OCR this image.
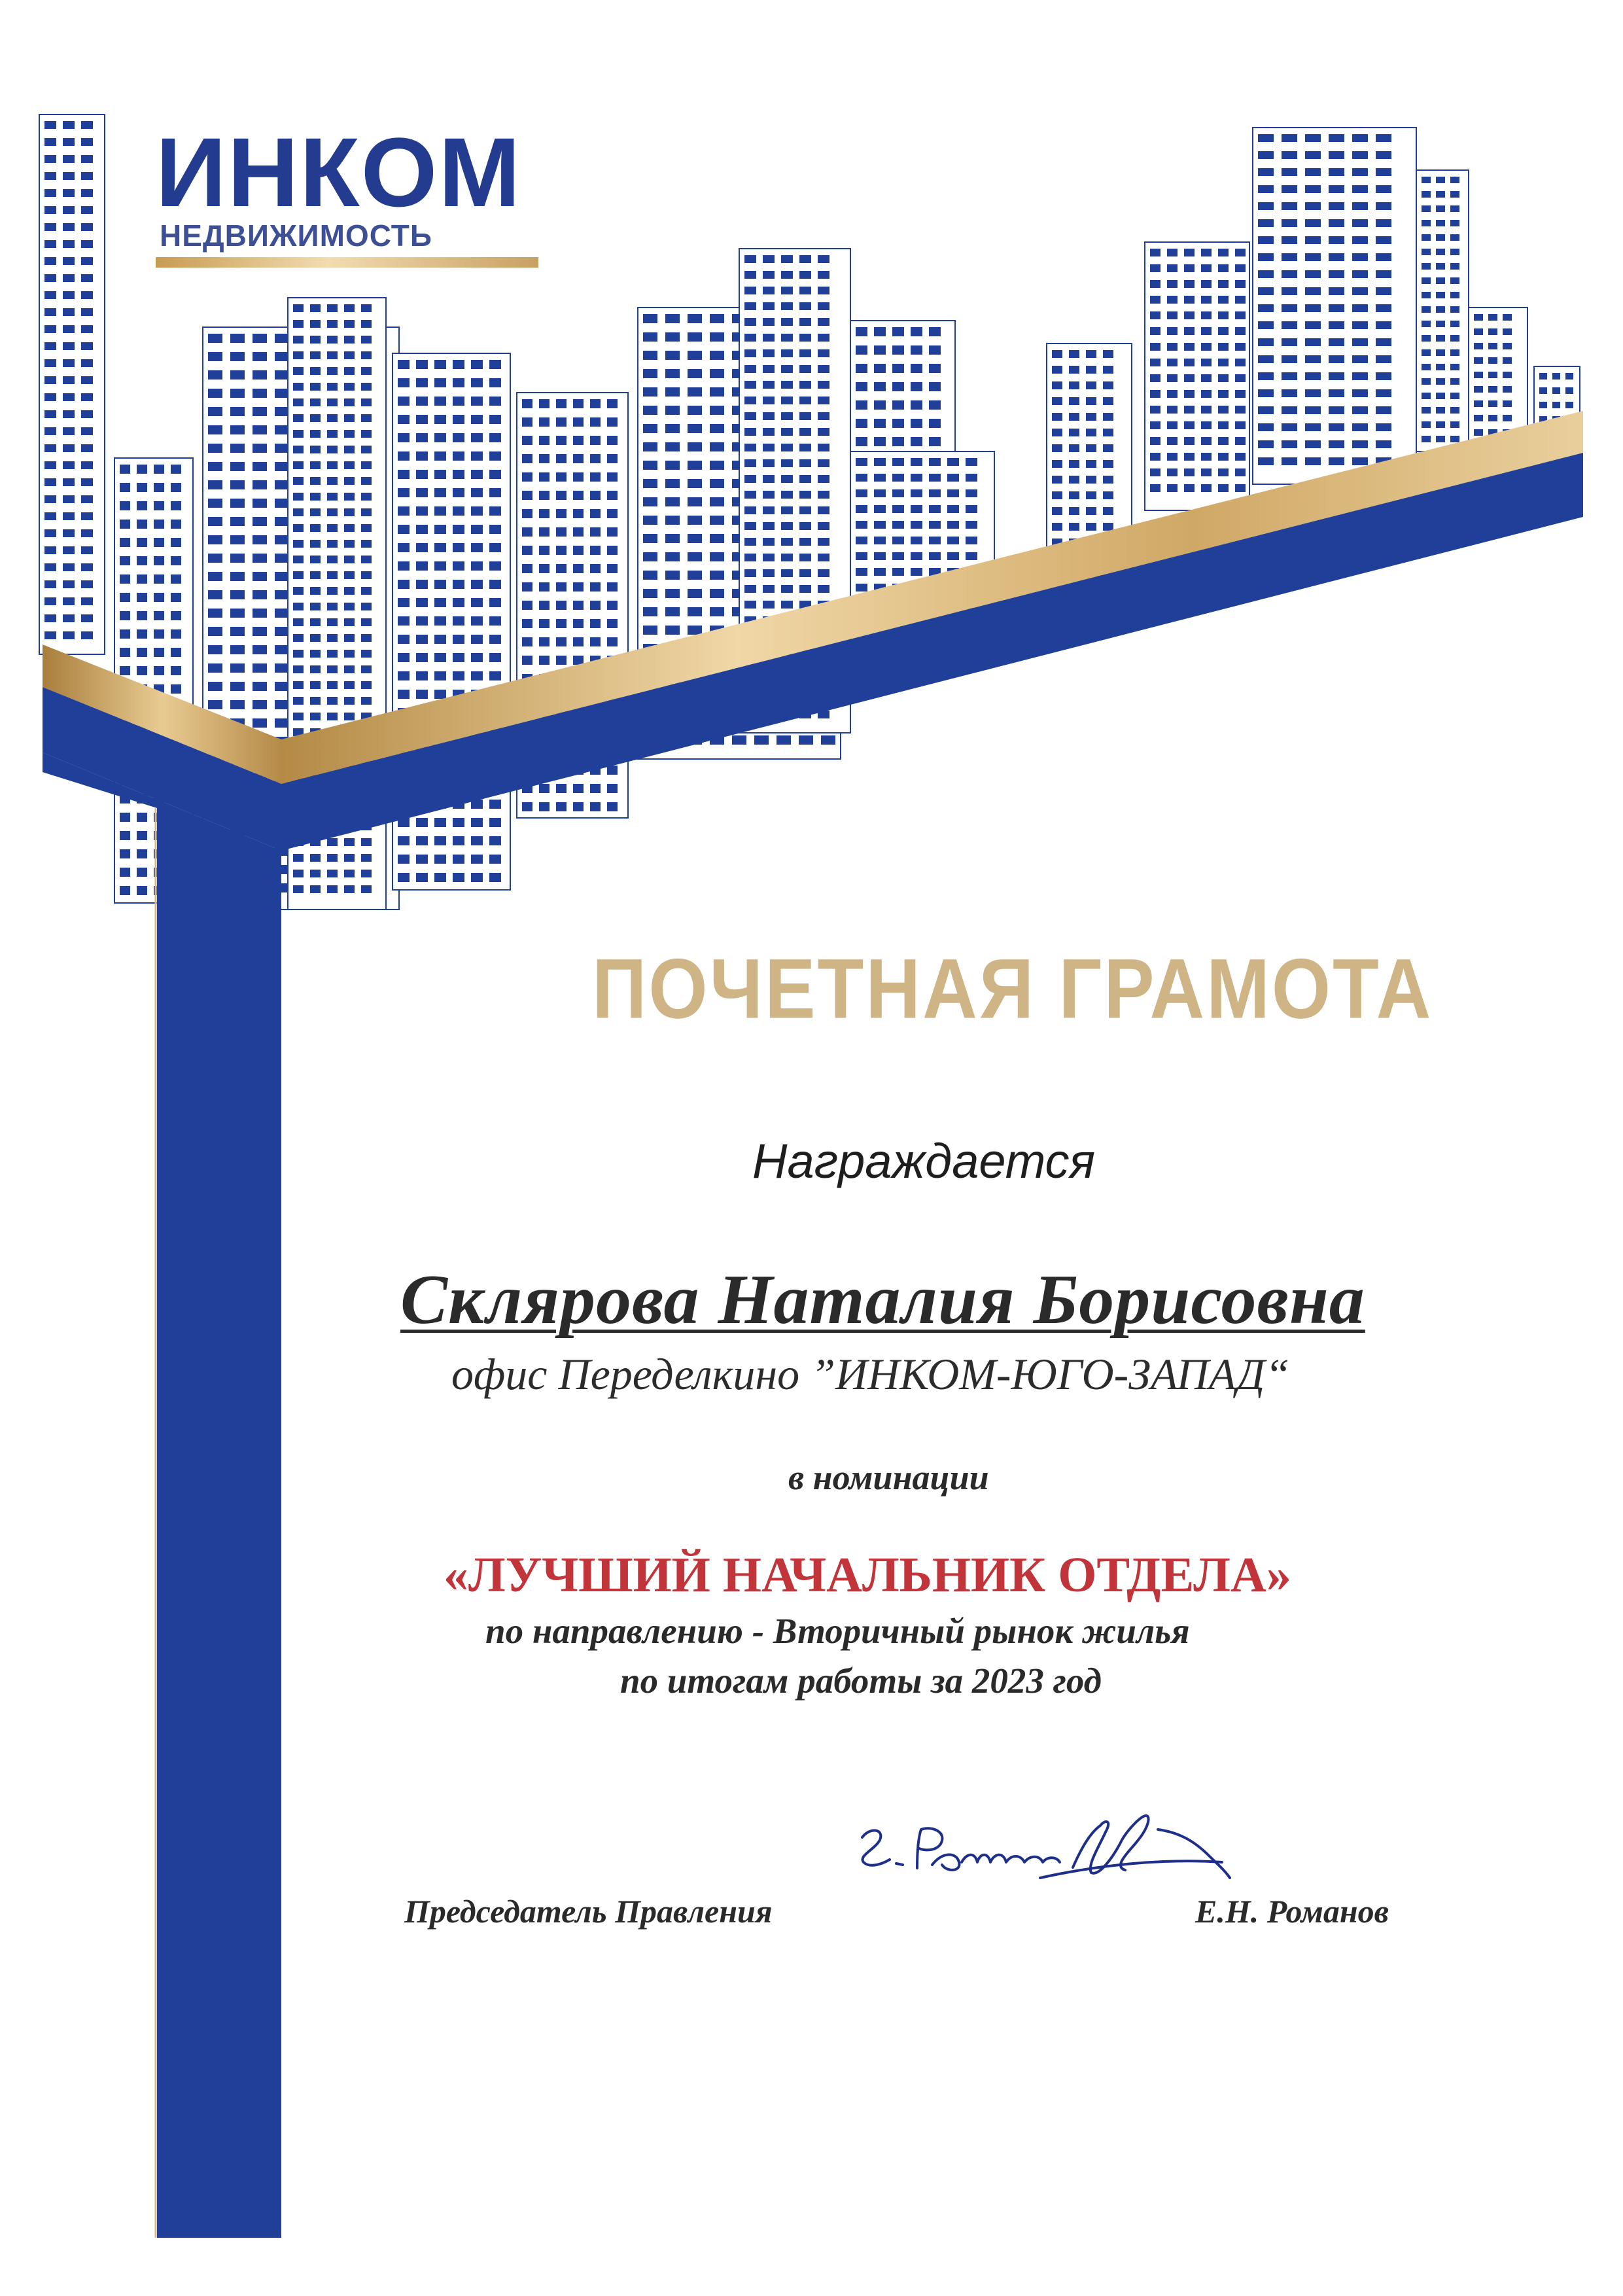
ИНКОМ
НЕДВИЖИМОСТЬ
ПОЧЕТНАЯ ГРАМОТА
Награждается
Склярова Наталия Борисовна
офис Переделкино ”ИНКОМ-ЮГО-ЗАПАД“
в номинации
«ЛУЧШИЙ НАЧАЛЬНИК ОТДЕЛА»
по направлению - Вторичный рынок жилья
по итогам работы за 2023 год
Председатель Правления	Е.Н. Романов
